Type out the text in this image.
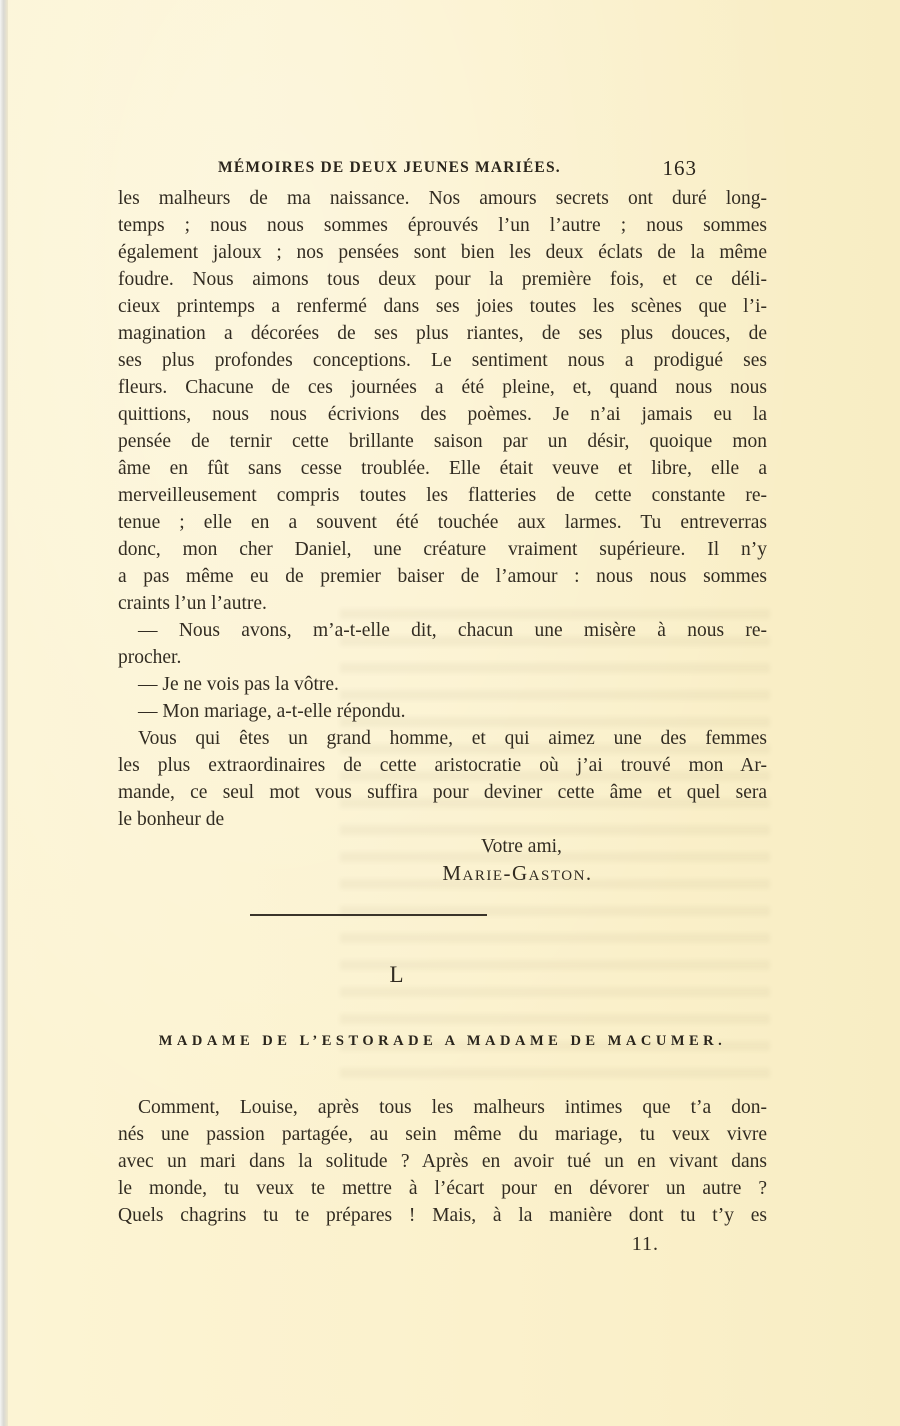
MÉMOIRES DE DEUX JEUNES MARIÉES.	163
les malheurs de ma naissance. Nos amours secrets ont duré long-
temps ; nous nous sommes éprouvés l’un l’autre ; nous sommes
également jaloux ; nos pensées sont bien les deux éclats de la même
foudre. Nous aimons tous deux pour la première fois, et ce déli-
cieux printemps a renfermé dans ses joies toutes les scènes que l’i-
magination a décorées de ses plus riantes, de ses plus douces, de
ses plus profondes conceptions. Le sentiment nous a prodigué ses
fleurs. Chacune de ces journées a été pleine, et, quand nous nous
quittions, nous nous écrivions des poèmes. Je n’ai jamais eu la
pensée de ternir cette brillante saison par un désir, quoique mon
âme en fût sans cesse troublée. Elle était veuve et libre, elle a
merveilleusement compris toutes les flatteries de cette constante re-
tenue ; elle en a souvent été touchée aux larmes. Tu entreverras
donc, mon cher Daniel, une créature vraiment supérieure. Il n’y
a pas même eu de premier baiser de l’amour : nous nous sommes
craints l’un l’autre.
— Nous avons, m’a-t-elle dit, chacun une misère à nous re-
procher.
— Je ne vois pas la vôtre.
— Mon mariage, a-t-elle répondu.
Vous qui êtes un grand homme, et qui aimez une des femmes
les plus extraordinaires de cette aristocratie où j’ai trouvé mon Ar-
mande, ce seul mot vous suffira pour deviner cette âme et quel sera
le bonheur de
Votre ami,
Marie-Gaston.
L
MADAME DE L’ESTORADE A MADAME DE MACUMER.
Comment, Louise, après tous les malheurs intimes que t’a don-
nés une passion partagée, au sein même du mariage, tu veux vivre
avec un mari dans la solitude ? Après en avoir tué un en vivant dans
le monde, tu veux te mettre à l’écart pour en dévorer un autre ?
Quels chagrins tu te prépares ! Mais, à la manière dont tu t’y es
11.
